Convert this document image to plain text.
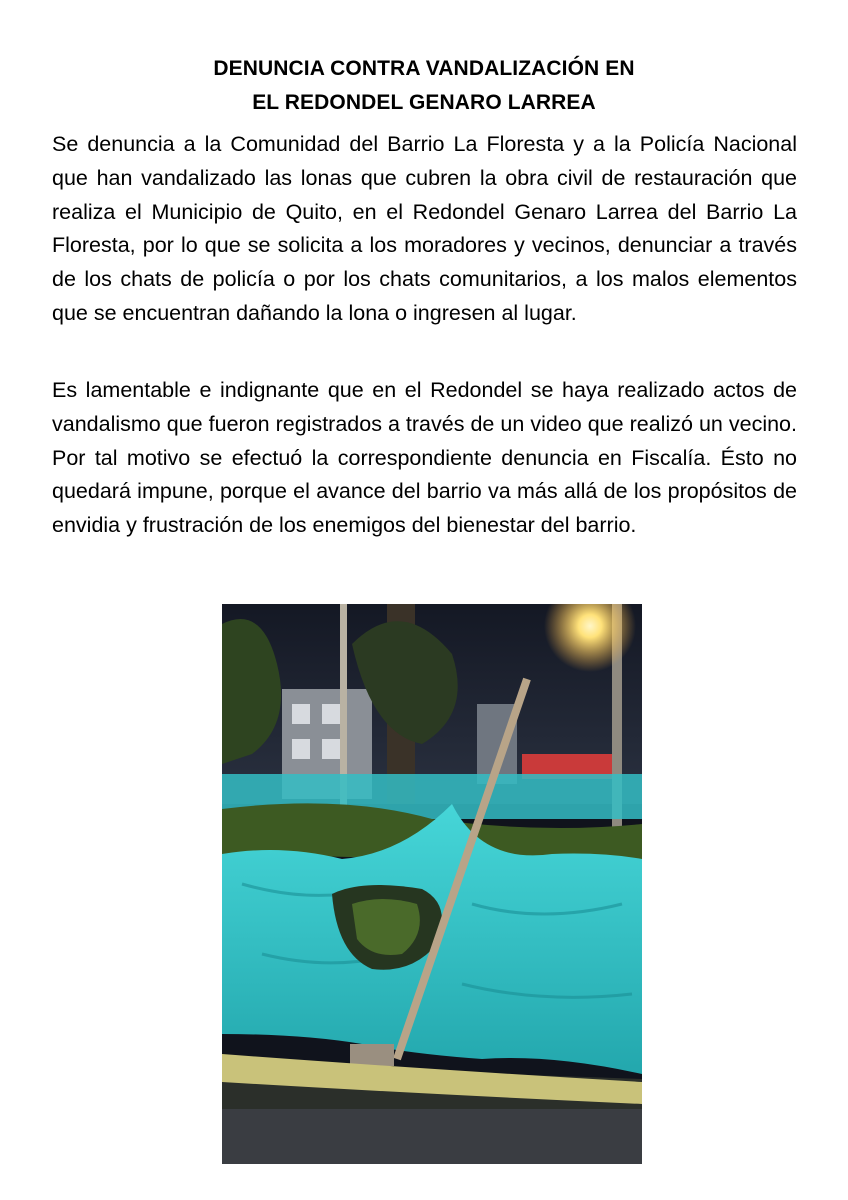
DENUNCIA CONTRA VANDALIZACIÓN EN
EL REDONDEL GENARO LARREA

Se denuncia a la Comunidad del Barrio La Floresta y a la Policía Nacional que han vandalizado las lonas que cubren la obra civil de restauración que realiza el Municipio de Quito, en el Redondel Genaro Larrea del Barrio La Floresta, por lo que se solicita a los moradores y vecinos, denunciar a través de los chats de policía o por los chats comunitarios, a los malos elementos que se encuentran dañando la lona o ingresen al lugar.

Es lamentable e indignante que en el Redondel se haya realizado actos de vandalismo que fueron registrados a través de un video que realizó un vecino. Por tal motivo se efectuó la correspondiente denuncia en Fiscalía. Ésto no quedará impune, porque el avance del barrio va más allá de los propósitos de envidia y frustración de los enemigos del bienestar del barrio.
